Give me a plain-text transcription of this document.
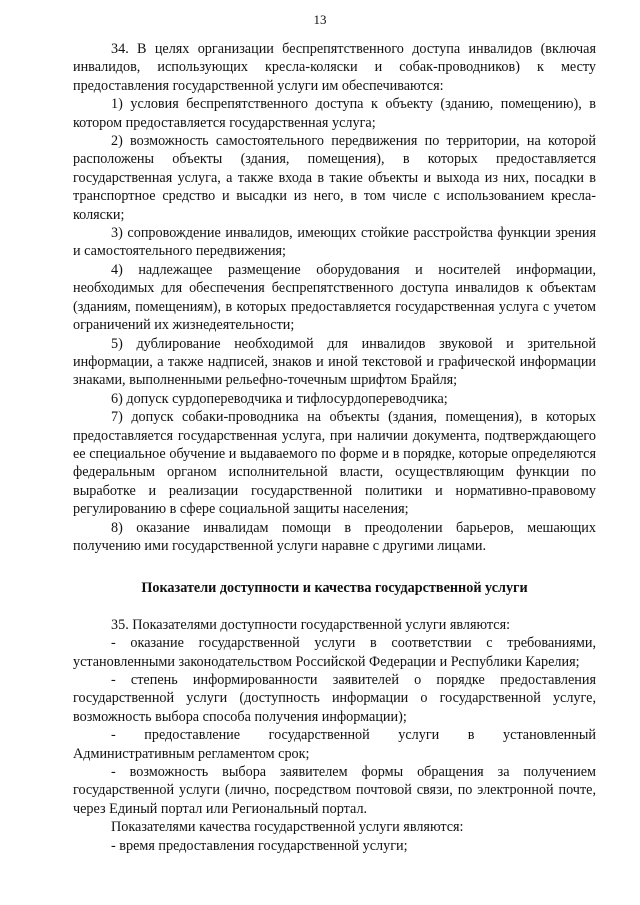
13

34. В целях организации беспрепятственного доступа инвалидов (включая инвалидов, использующих кресла-коляски и собак-проводников) к месту предоставления государственной услуги им обеспечиваются:

1) условия беспрепятственного доступа к объекту (зданию, помещению), в котором предоставляется государственная услуга;

2) возможность самостоятельного передвижения по территории, на которой расположены объекты (здания, помещения), в которых предоставляется государственная услуга, а также входа в такие объекты и выхода из них, посадки в транспортное средство и высадки из него, в том числе с использованием кресла-коляски;

3) сопровождение инвалидов, имеющих стойкие расстройства функции зрения и самостоятельного передвижения;

4) надлежащее размещение оборудования и носителей информации, необходимых для обеспечения беспрепятственного доступа инвалидов к объектам (зданиям, помещениям), в которых предоставляется государственная услуга с учетом ограничений их жизнедеятельности;

5) дублирование необходимой для инвалидов звуковой и зрительной информации, а также надписей, знаков и иной текстовой и графической информации знаками, выполненными рельефно-точечным шрифтом Брайля;

6) допуск сурдопереводчика и тифлосурдопереводчика;

7) допуск собаки-проводника на объекты (здания, помещения), в которых предоставляется государственная услуга, при наличии документа, подтверждающего ее специальное обучение и выдаваемого по форме и в порядке, которые определяются федеральным органом исполнительной власти, осуществляющим функции по выработке и реализации государственной политики и нормативно-правовому регулированию в сфере социальной защиты населения;

8) оказание инвалидам помощи в преодолении барьеров, мешающих получению ими государственной услуги наравне с другими лицами.

Показатели доступности и качества государственной услуги

35. Показателями доступности государственной услуги являются:

- оказание государственной услуги в соответствии с требованиями, установленными законодательством Российской Федерации и Республики Карелия;

- степень информированности заявителей о порядке предоставления государственной услуги (доступность информации о государственной услуге, возможность выбора способа получения информации);

- предоставление государственной услуги в установленный Административным регламентом срок;

- возможность выбора заявителем формы обращения за получением государственной услуги (лично, посредством почтовой связи, по электронной почте, через Единый портал или Региональный портал.

Показателями качества государственной услуги являются:

- время предоставления государственной услуги;
